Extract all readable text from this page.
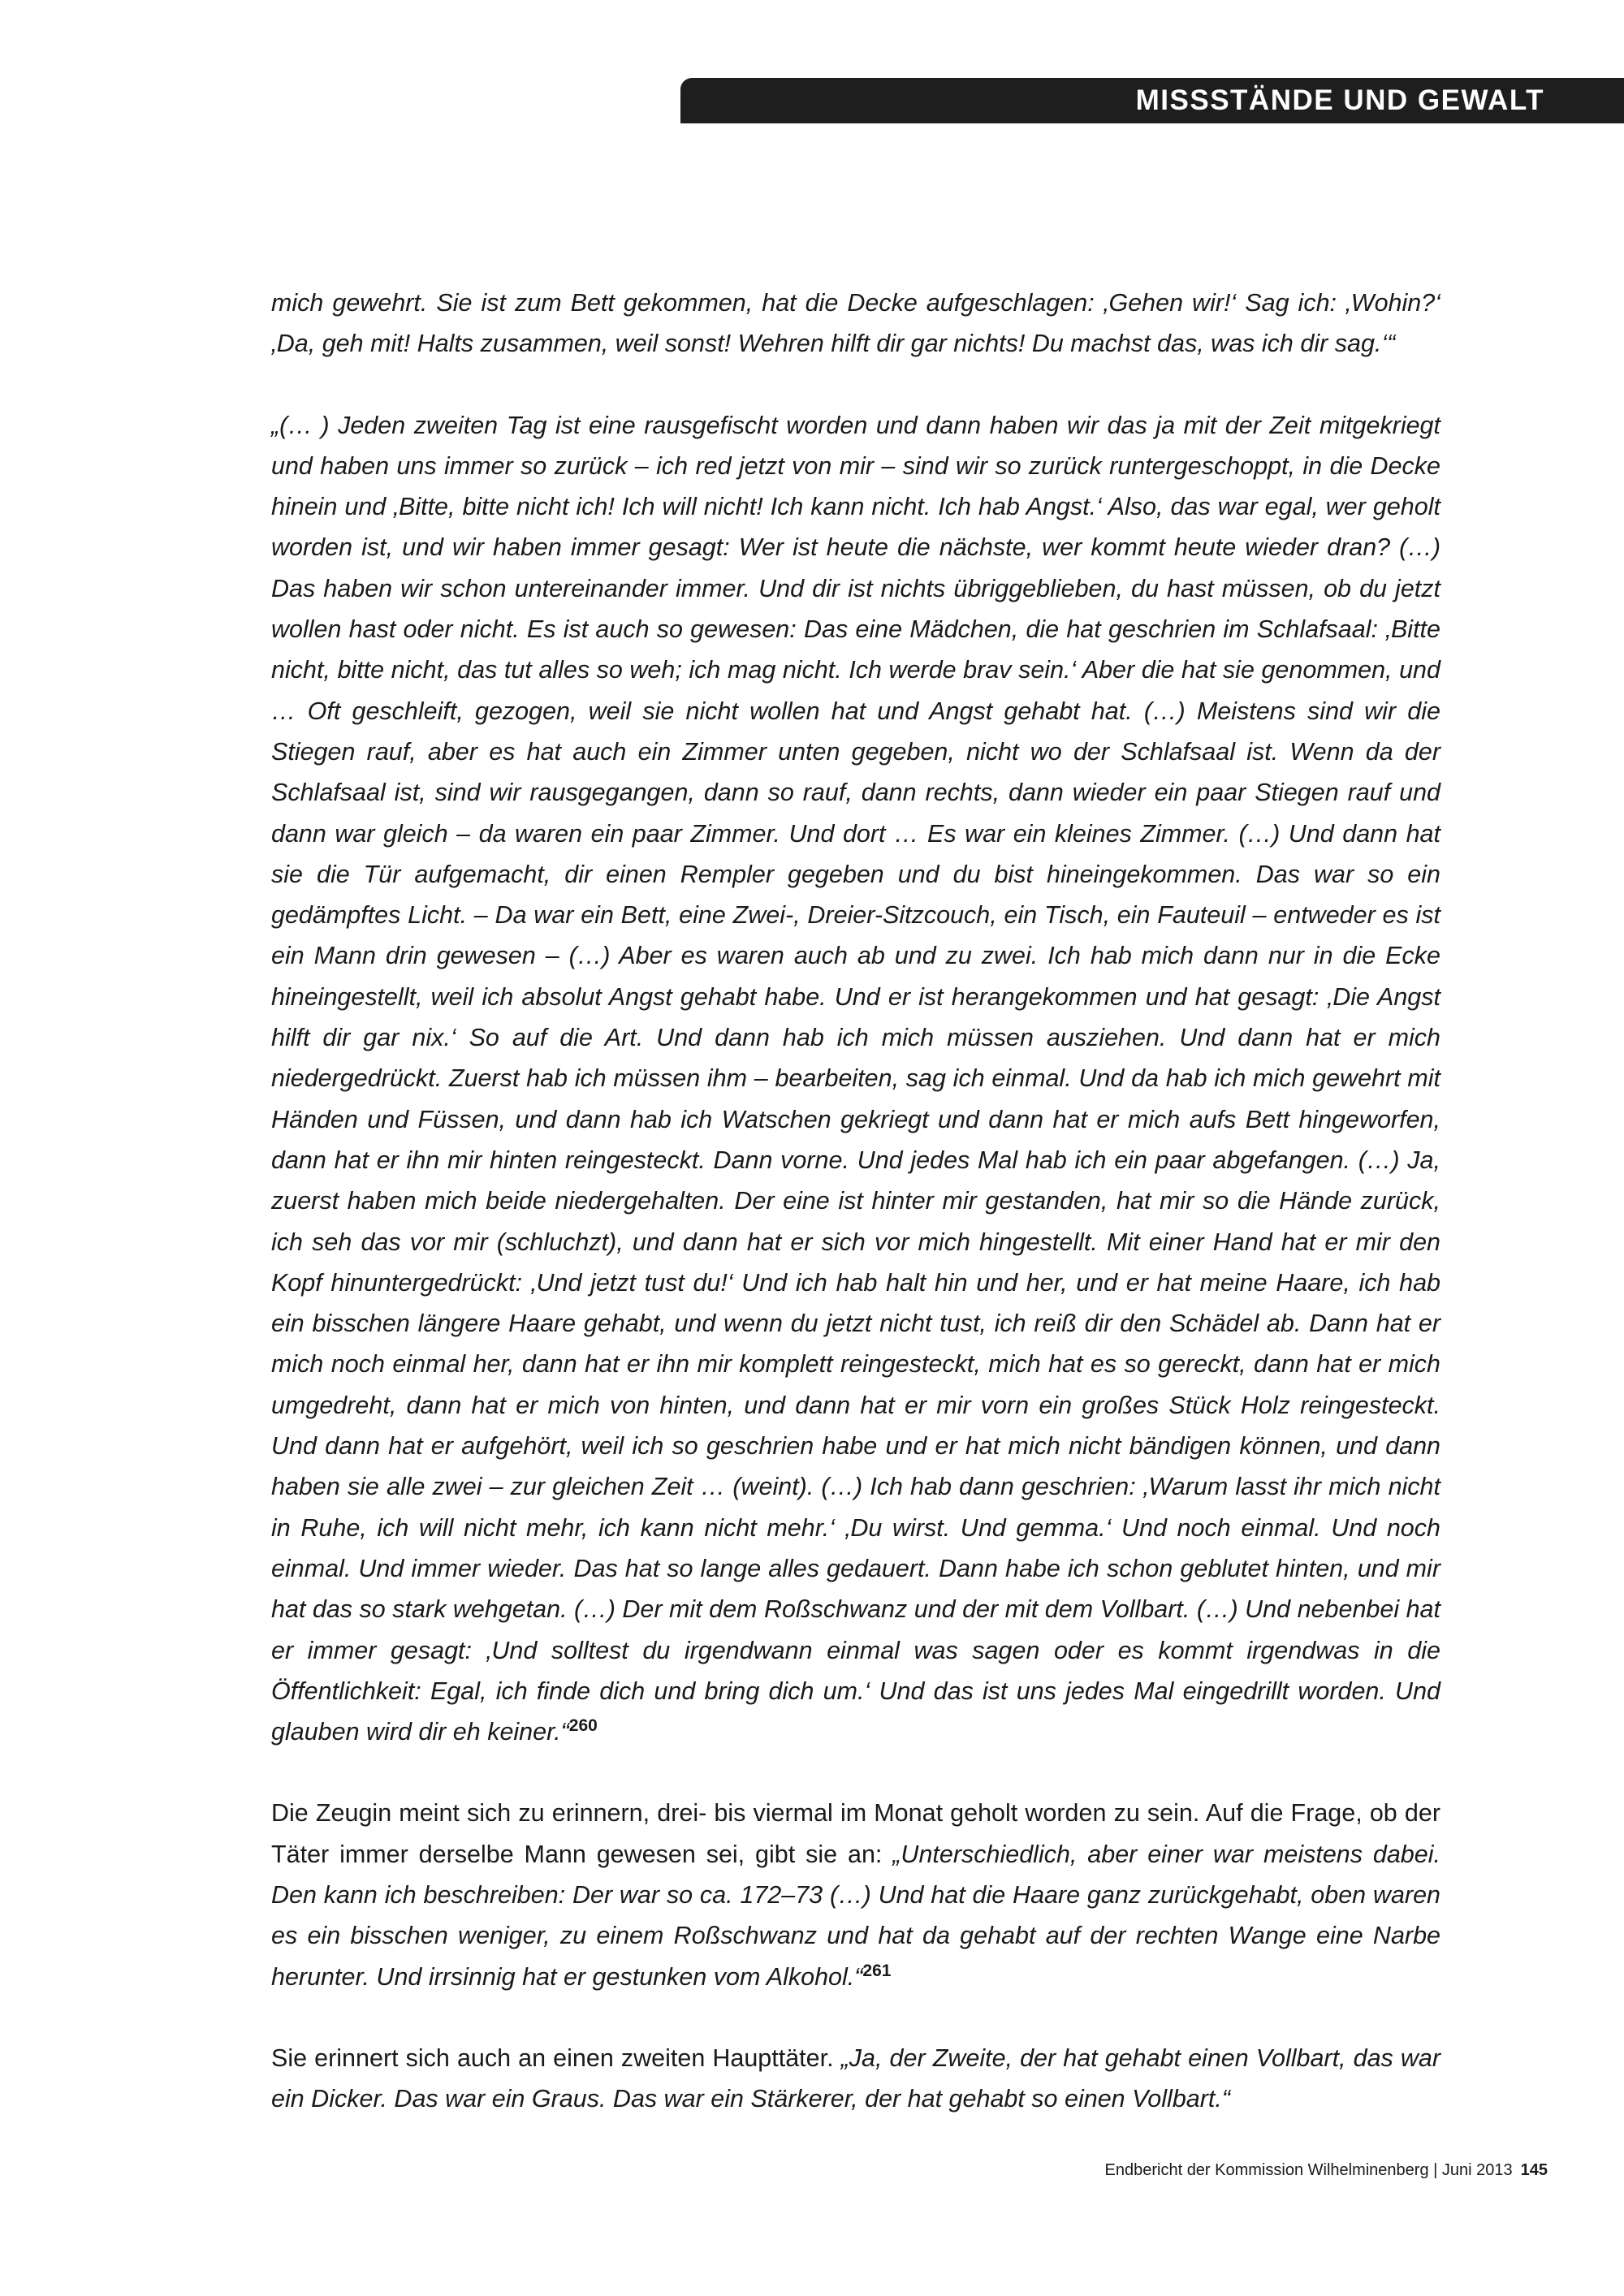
MISSSTÄNDE UND GEWALT

mich gewehrt. Sie ist zum Bett gekommen, hat die Decke aufgeschlagen: ‚Gehen wir!‘ Sag ich: ‚Wohin?‘ ‚Da, geh mit! Halts zusammen, weil sonst! Wehren hilft dir gar nichts! Du machst das, was ich dir sag.‘“

„(… ) Jeden zweiten Tag ist eine rausgefischt worden und dann haben wir das ja mit der Zeit mitgekriegt und haben uns immer so zurück – ich red jetzt von mir – sind wir so zurück runtergeschoppt, in die Decke hinein und ‚Bitte, bitte nicht ich! Ich will nicht! Ich kann nicht. Ich hab Angst.‘ Also, das war egal, wer geholt worden ist, und wir haben immer gesagt: Wer ist heute die nächste, wer kommt heute wieder dran? (…) Das haben wir schon untereinander immer. Und dir ist nichts übriggeblieben, du hast müssen, ob du jetzt wollen hast oder nicht. Es ist auch so gewesen: Das eine Mädchen, die hat geschrien im Schlafsaal: ‚Bitte nicht, bitte nicht, das tut alles so weh; ich mag nicht. Ich werde brav sein.‘ Aber die hat sie genommen, und … Oft geschleift, gezogen, weil sie nicht wollen hat und Angst gehabt hat. (…) Meistens sind wir die Stiegen rauf, aber es hat auch ein Zimmer unten gegeben, nicht wo der Schlafsaal ist. Wenn da der Schlafsaal ist, sind wir rausgegangen, dann so rauf, dann rechts, dann wieder ein paar Stiegen rauf und dann war gleich – da waren ein paar Zimmer. Und dort … Es war ein kleines Zimmer. (…) Und dann hat sie die Tür aufgemacht, dir einen Rempler gegeben und du bist hineingekommen. Das war so ein gedämpftes Licht. – Da war ein Bett, eine Zwei-, Dreier-Sitzcouch, ein Tisch, ein Fauteuil – entweder es ist ein Mann drin gewesen – (…) Aber es waren auch ab und zu zwei. Ich hab mich dann nur in die Ecke hineingestellt, weil ich absolut Angst gehabt habe. Und er ist herangekommen und hat gesagt: ‚Die Angst hilft dir gar nix.‘ So auf die Art. Und dann hab ich mich müssen ausziehen. Und dann hat er mich niedergedrückt. Zuerst hab ich müssen ihm – bearbeiten, sag ich einmal. Und da hab ich mich gewehrt mit Händen und Füssen, und dann hab ich Watschen gekriegt und dann hat er mich aufs Bett hingeworfen, dann hat er ihn mir hinten reingesteckt. Dann vorne. Und jedes Mal hab ich ein paar abgefangen. (…) Ja, zuerst haben mich beide niedergehalten. Der eine ist hinter mir gestanden, hat mir so die Hände zurück, ich seh das vor mir (schluchzt), und dann hat er sich vor mich hingestellt. Mit einer Hand hat er mir den Kopf hinuntergedrückt: ‚Und jetzt tust du!‘ Und ich hab halt hin und her, und er hat meine Haare, ich hab ein bisschen längere Haare gehabt, und wenn du jetzt nicht tust, ich reiß dir den Schädel ab. Dann hat er mich noch einmal her, dann hat er ihn mir komplett reingesteckt, mich hat es so gereckt, dann hat er mich umgedreht, dann hat er mich von hinten, und dann hat er mir vorn ein großes Stück Holz reingesteckt. Und dann hat er aufgehört, weil ich so geschrien habe und er hat mich nicht bändigen können, und dann haben sie alle zwei – zur gleichen Zeit … (weint). (…) Ich hab dann geschrien: ‚Warum lasst ihr mich nicht in Ruhe, ich will nicht mehr, ich kann nicht mehr.‘ ‚Du wirst. Und gemma.‘ Und noch einmal. Und noch einmal. Und immer wieder. Das hat so lange alles gedauert. Dann habe ich schon geblutet hinten, und mir hat das so stark wehgetan. (…) Der mit dem Roßschwanz und der mit dem Vollbart. (…) Und nebenbei hat er immer gesagt: ‚Und solltest du irgendwann einmal was sagen oder es kommt irgendwas in die Öffentlichkeit: Egal, ich finde dich und bring dich um.‘ Und das ist uns jedes Mal eingedrillt worden. Und glauben wird dir eh keiner.“$^{260}$

Die Zeugin meint sich zu erinnern, drei- bis viermal im Monat geholt worden zu sein. Auf die Frage, ob der Täter immer derselbe Mann gewesen sei, gibt sie an: „Unterschiedlich, aber einer war meistens dabei. Den kann ich beschreiben: Der war so ca. 172–73 (…) Und hat die Haare ganz zurückgehabt, oben waren es ein bisschen weniger, zu einem Roßschwanz und hat da gehabt auf der rechten Wange eine Narbe herunter. Und irrsinnig hat er gestunken vom Alkohol.“$^{261}$

Sie erinnert sich auch an einen zweiten Haupttäter. „Ja, der Zweite, der hat gehabt einen Vollbart, das war ein Dicker. Das war ein Graus. Das war ein Stärkerer, der hat gehabt so einen Vollbart.“

Endbericht der Kommission Wilhelminenberg | Juni 2013 145
